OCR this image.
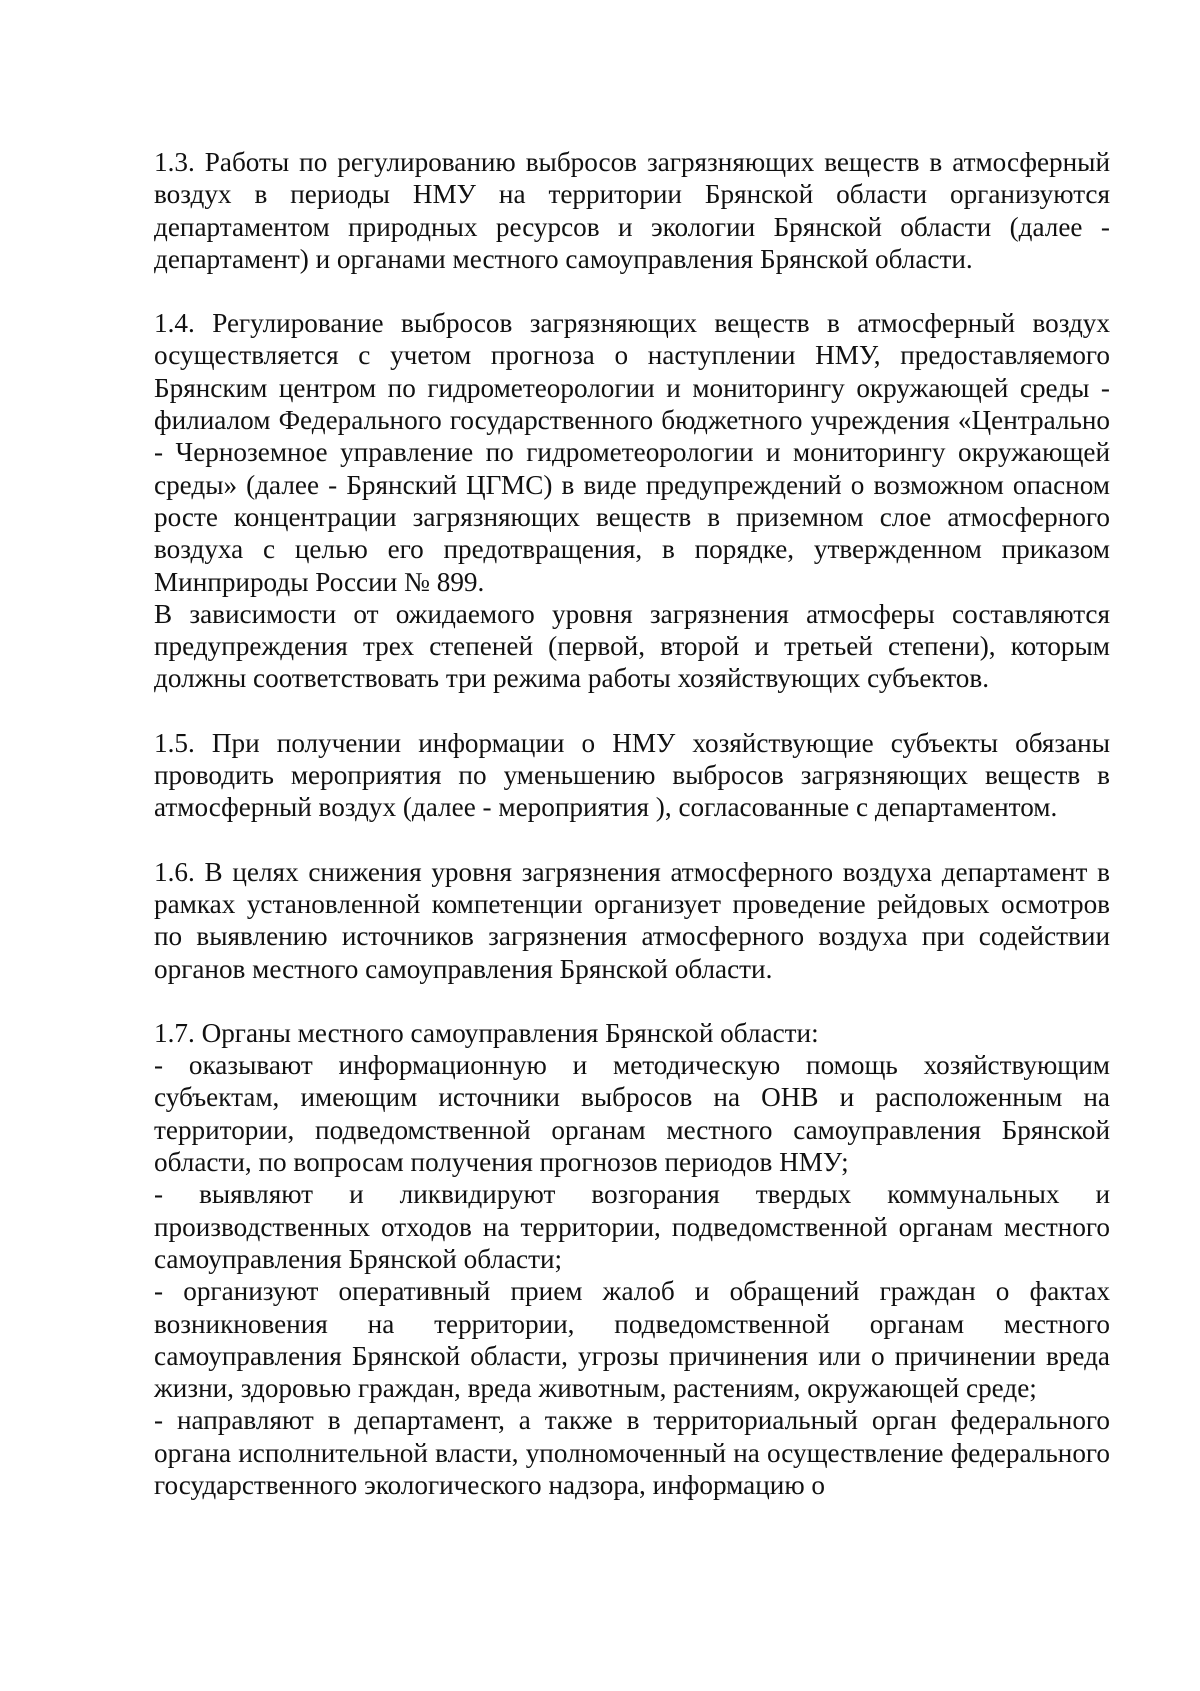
1.3. Работы по регулированию выбросов загрязняющих веществ в атмосферный воздух в периоды НМУ на территории Брянской области организуются департаментом природных ресурсов и экологии Брянской области (далее - департамент) и органами местного самоуправления Брянской области.

1.4. Регулирование выбросов загрязняющих веществ в атмосферный воздух осуществляется с учетом прогноза о наступлении НМУ, предоставляемого Брянским центром по гидрометеорологии и мониторингу окружающей среды - филиалом Федерального государственного бюджетного учреждения «Центрально - Черноземное управление по гидрометеорологии и мониторингу окружающей среды» (далее - Брянский ЦГМС) в виде предупреждений о возможном опасном росте концентрации загрязняющих веществ в приземном слое атмосферного воздуха с целью его предотвращения, в порядке, утвержденном приказом Минприроды России № 899.

В зависимости от ожидаемого уровня загрязнения атмосферы составляются предупреждения трех степеней (первой, второй и третьей степени), которым должны соответствовать три режима работы хозяйствующих субъектов.

1.5. При получении информации о НМУ хозяйствующие субъекты обязаны проводить мероприятия по уменьшению выбросов загрязняющих веществ в атмосферный воздух (далее - мероприятия ), согласованные с департаментом.

1.6. В целях снижения уровня загрязнения атмосферного воздуха департамент в рамках установленной компетенции организует проведение рейдовых осмотров по выявлению источников загрязнения атмосферного воздуха при содействии органов местного самоуправления Брянской области.

1.7. Органы местного самоуправления Брянской области:

- оказывают информационную и методическую помощь хозяйствующим субъектам, имеющим источники выбросов на ОНВ и расположенным на территории, подведомственной органам местного самоуправления Брянской области, по вопросам получения прогнозов периодов НМУ;

- выявляют и ликвидируют возгорания твердых коммунальных и производственных отходов на территории, подведомственной органам местного самоуправления Брянской области;

- организуют оперативный прием жалоб и обращений граждан о фактах возникновения на территории, подведомственной органам местного самоуправления Брянской области, угрозы причинения или о причинении вреда жизни, здоровью граждан, вреда животным, растениям, окружающей среде;

- направляют в департамент, а также в территориальный орган федерального органа исполнительной власти, уполномоченный на осуществление федерального государственного экологического надзора, информацию о
